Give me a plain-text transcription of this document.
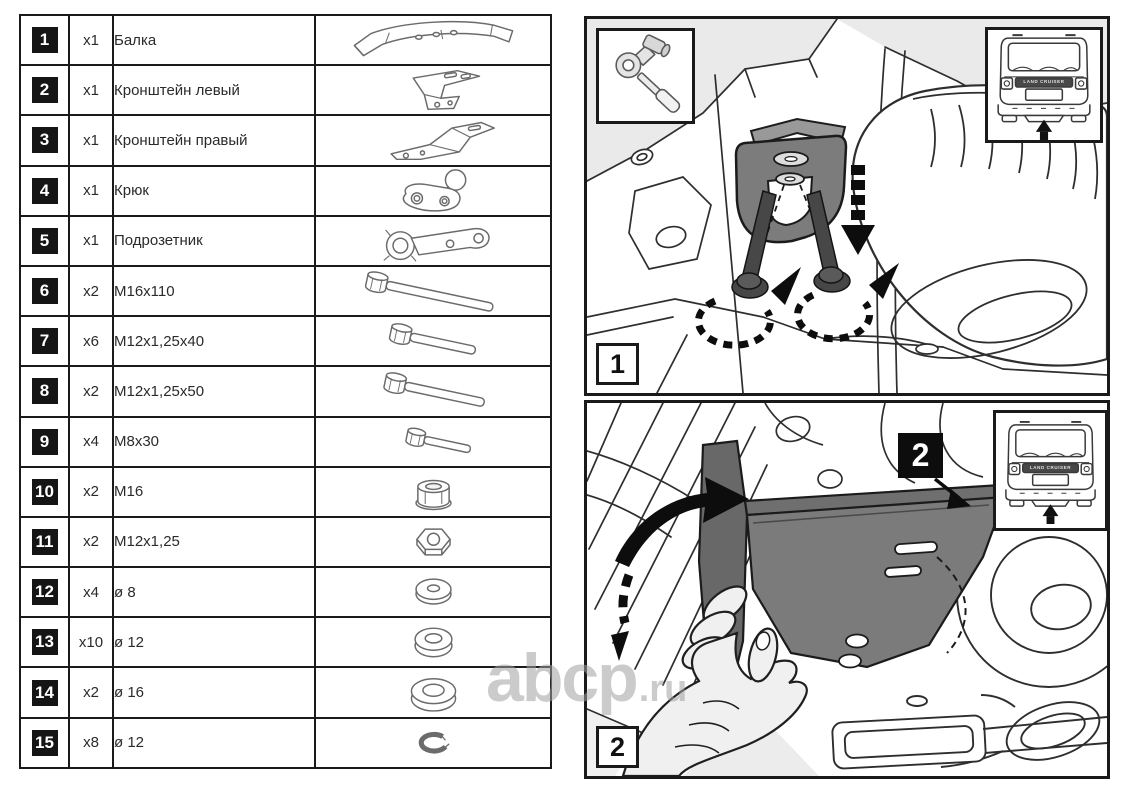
1	x1	Балка	
2	x1	Кронштейн левый	
3	x1	Кронштейн правый	
4	x1	Крюк	
5	x1	Подрозетник	
6	x2	M16x110	
7	x6	M12x1,25x40	
8	x2	M12x1,25x50	
9	x4	M8x30	
10	x2	M16	
11	x2	M12x1,25	
12	x4	ø 8	
13	x10	ø 12	
14	x2	ø 16	
15	x8	ø 12	
LAND CRUISER
1
LAND CRUISER
2
2
abcp.ru
